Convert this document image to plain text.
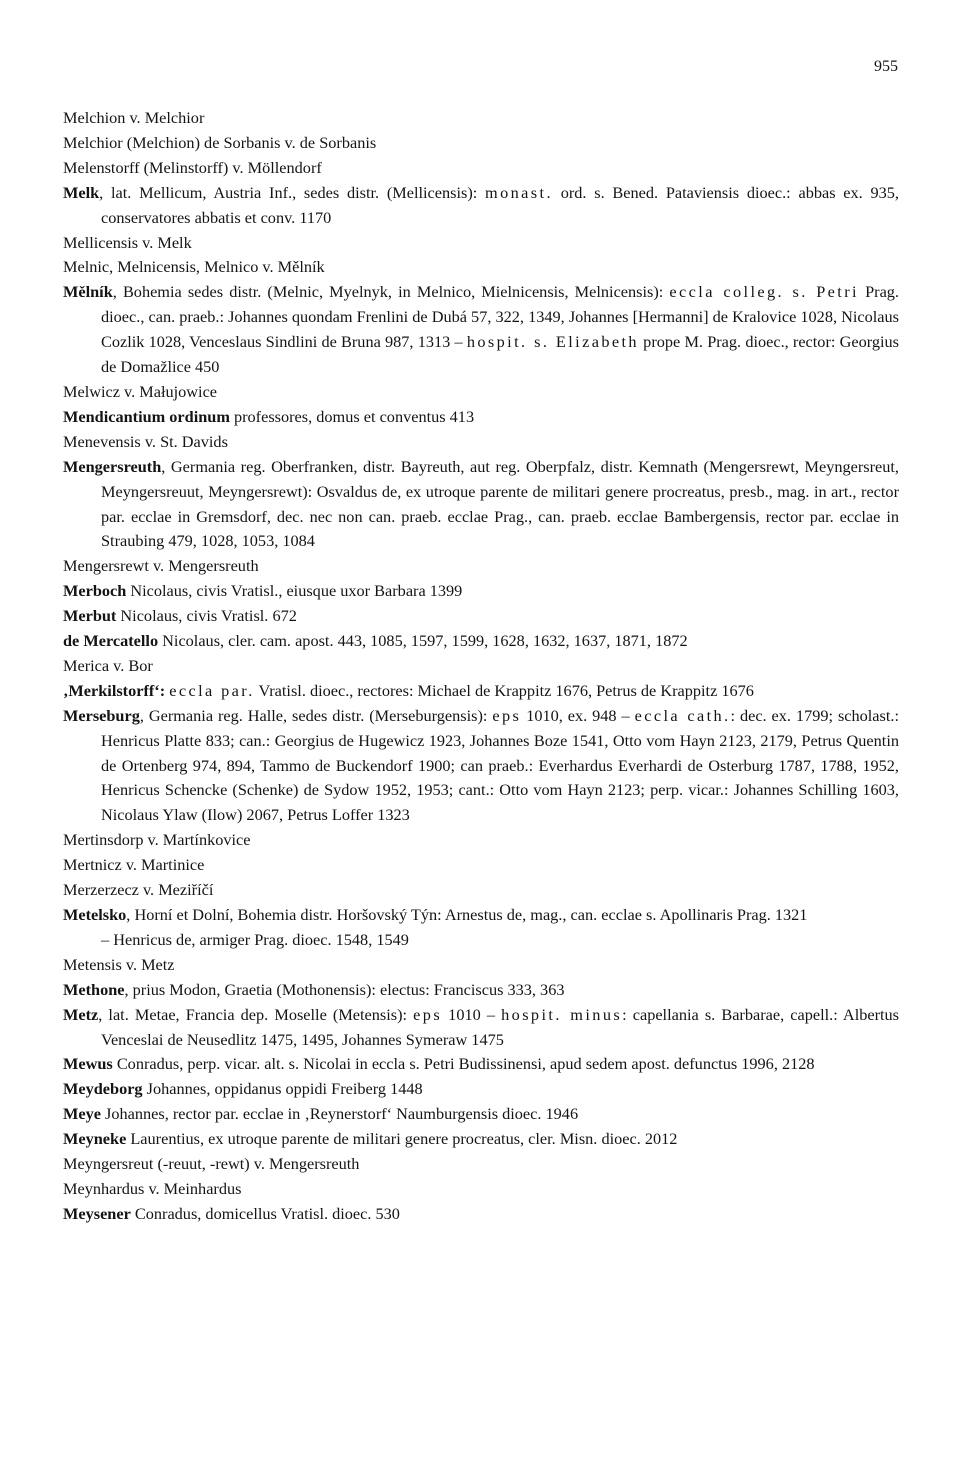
955
Melchion v. Melchior
Melchior (Melchion) de Sorbanis v. de Sorbanis
Melenstorff (Melinstorff) v. Möllendorf
Melk, lat. Mellicum, Austria Inf., sedes distr. (Mellicensis): monast. ord. s. Bened. Pataviensis dioec.: abbas ex. 935, conservatores abbatis et conv. 1170
Mellicensis v. Melk
Melnic, Melnicensis, Melnico v. Mělník
Mělník, Bohemia sedes distr. (Melnic, Myelnyk, in Melnico, Mielnicensis, Melnicensis): eccla colleg. s. Petri Prag. dioec., can. praeb.: Johannes quondam Frenlini de Dubá 57, 322, 1349, Johannes [Hermanni] de Kralovice 1028, Nicolaus Cozlik 1028, Venceslaus Sindlini de Bruna 987, 1313 – hospit. s. Elizabeth prope M. Prag. dioec., rector: Georgius de Domažlice 450
Melwicz v. Małujowice
Mendicantium ordinum professores, domus et conventus 413
Menevensis v. St. Davids
Mengersreuth, Germania reg. Oberfranken, distr. Bayreuth, aut reg. Oberpfalz, distr. Kemnath (Mengersrewt, Meyngersreut, Meyngersreuut, Meyngersrewt): Osvaldus de, ex utroque parente de militari genere procreatus, presb., mag. in art., rector par. ecclae in Gremsdorf, dec. nec non can. praeb. ecclae Prag., can. praeb. ecclae Bambergensis, rector par. ecclae in Straubing 479, 1028, 1053, 1084
Mengersrewt v. Mengersreuth
Merboch Nicolaus, civis Vratisl., eiusque uxor Barbara 1399
Merbut Nicolaus, civis Vratisl. 672
de Mercatello Nicolaus, cler. cam. apost. 443, 1085, 1597, 1599, 1628, 1632, 1637, 1871, 1872
Merica v. Bor
‚Merkilstorff‘: eccla par. Vratisl. dioec., rectores: Michael de Krappitz 1676, Petrus de Krappitz 1676
Merseburg, Germania reg. Halle, sedes distr. (Merseburgensis): eps 1010, ex. 948 – eccla cath.: dec. ex. 1799; scholast.: Henricus Platte 833; can.: Georgius de Hugewicz 1923, Johannes Boze 1541, Otto vom Hayn 2123, 2179, Petrus Quentin de Ortenberg 974, 894, Tammo de Buckendorf 1900; can praeb.: Everhardus Everhardi de Osterburg 1787, 1788, 1952, Henricus Schencke (Schenke) de Sydow 1952, 1953; cant.: Otto vom Hayn 2123; perp. vicar.: Johannes Schilling 1603, Nicolaus Ylaw (Ilow) 2067, Petrus Loffer 1323
Mertinsdorp v. Martínkovice
Mertnicz v. Martinice
Merzerzecz v. Meziříčí
Metelsko, Horní et Dolní, Bohemia distr. Horšovský Týn: Arnestus de, mag., can. ecclae s. Apollinaris Prag. 1321
– Henricus de, armiger Prag. dioec. 1548, 1549
Metensis v. Metz
Methone, prius Modon, Graetia (Mothonensis): electus: Franciscus 333, 363
Metz, lat. Metae, Francia dep. Moselle (Metensis): eps 1010 – hospit. minus: capellania s. Barbarae, capell.: Albertus Venceslai de Neusedlitz 1475, 1495, Johannes Symeraw 1475
Mewus Conradus, perp. vicar. alt. s. Nicolai in eccla s. Petri Budissinensi, apud sedem apost. defunctus 1996, 2128
Meydeborg Johannes, oppidanus oppidi Freiberg 1448
Meye Johannes, rector par. ecclae in ‚Reynerstorf‘ Naumburgensis dioec. 1946
Meyneke Laurentius, ex utroque parente de militari genere procreatus, cler. Misn. dioec. 2012
Meyngersreut (-reuut, -rewt) v. Mengersreuth
Meynhardus v. Meinhardus
Meysener Conradus, domicellus Vratisl. dioec. 530
